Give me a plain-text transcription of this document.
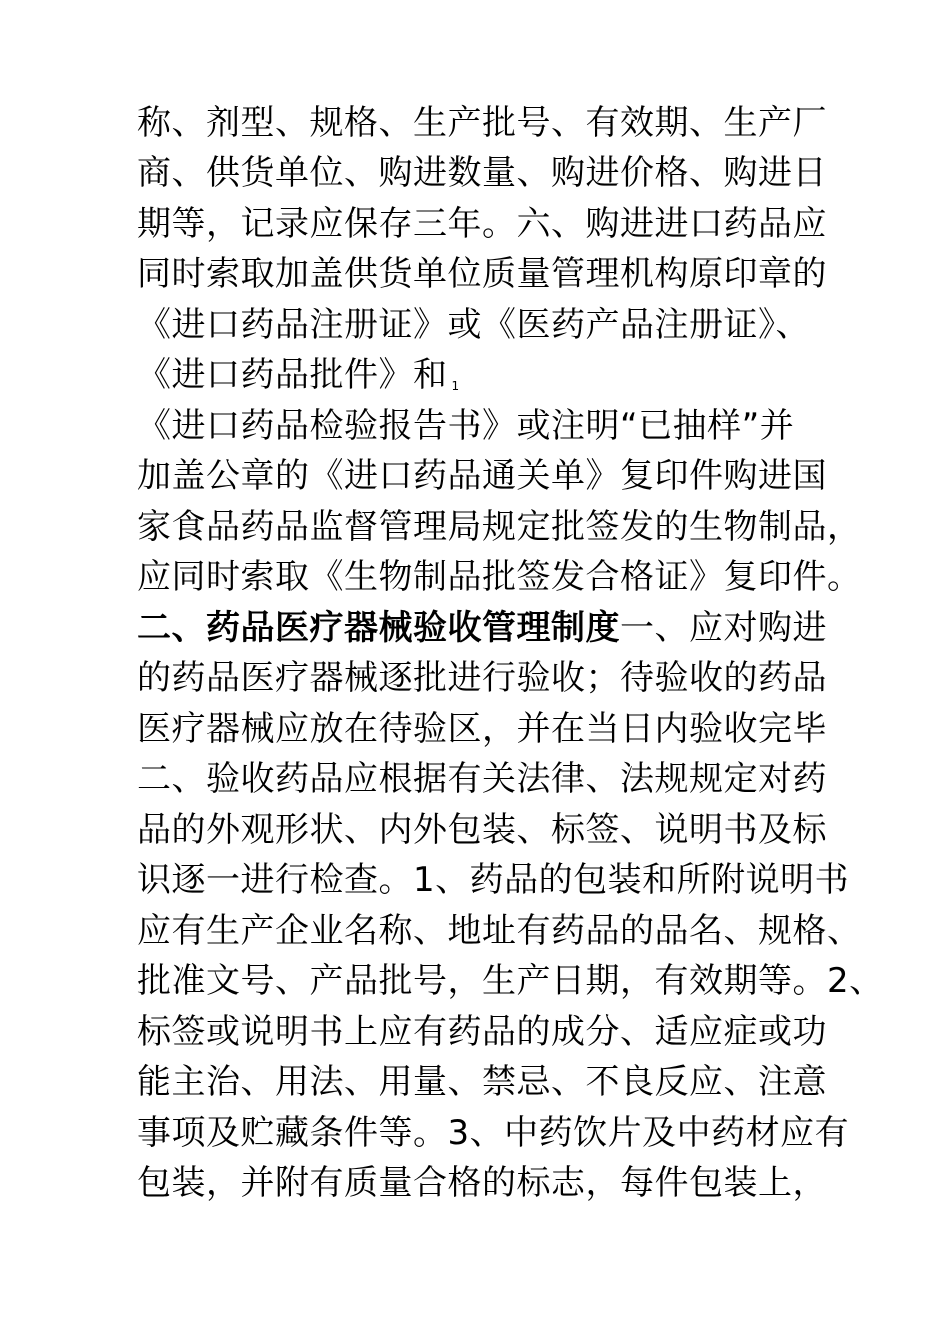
称、剂型、规格、生产批号、有效期、生产厂
商、供货单位、购进数量、购进价格、购进日
期等，记录应保存三年。六、购进进口药品应
同时索取加盖供货单位质量管理机构原印章的
《进口药品注册证》或《医药产品注册证》、
《进口药品批件》和 1
《进口药品检验报告书》或注明“已抽样”并
加盖公章的《进口药品通关单》复印件购进国
家食品药品监督管理局规定批签发的生物制品，
应同时索取《生物制品批签发合格证》复印件。
二、药品医疗器械验收管理制度一、应对购进
的药品医疗器械逐批进行验收；待验收的药品
医疗器械应放在待验区，并在当日内验收完毕
二、验收药品应根据有关法律、法规规定对药
品的外观形状、内外包装、标签、说明书及标
识逐一进行检查。1、药品的包装和所附说明书
应有生产企业名称、地址有药品的品名、规格、
批准文号、产品批号，生产日期，有效期等。2、
标签或说明书上应有药品的成分、适应症或功
能主治、用法、用量、禁忌、不良反应、注意
事项及贮藏条件等。3、中药饮片及中药材应有
包装，并附有质量合格的标志，每件包装上，
